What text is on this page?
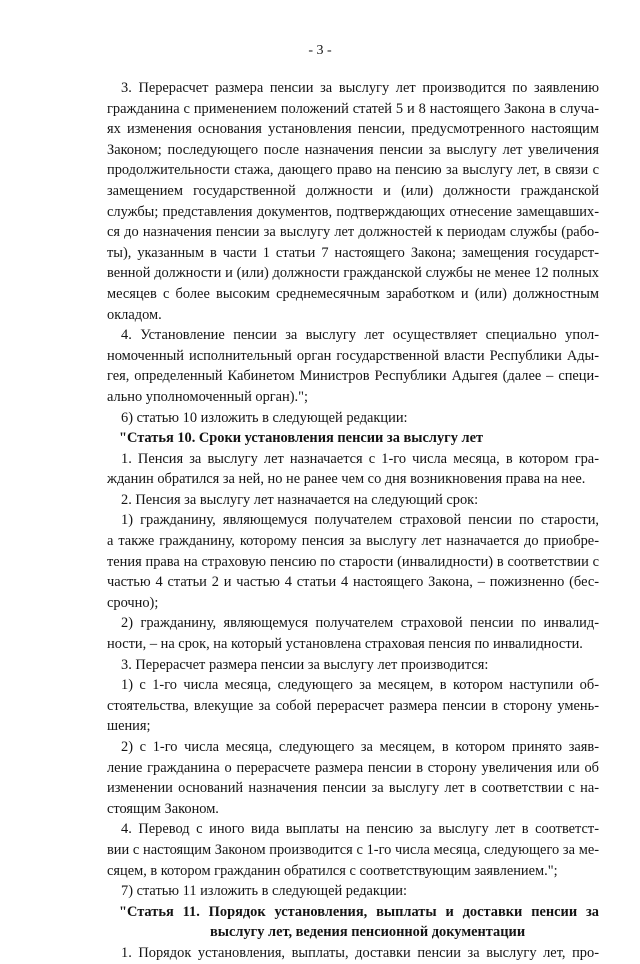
- 3 -
3. Перерасчет размера пенсии за выслугу лет производится по заявлению
гражданина с применением положений статей 5 и 8 настоящего Закона в случа-
ях изменения основания установления пенсии, предусмотренного настоящим
Законом; последующего после назначения пенсии за выслугу лет увеличения
продолжительности стажа, дающего право на пенсию за выслугу лет, в связи с
замещением государственной должности и (или) должности гражданской
службы; представления документов, подтверждающих отнесение замещавших-
ся до назначения пенсии за выслугу лет должностей к периодам службы (рабо-
ты), указанным в части 1 статьи 7 настоящего Закона; замещения государст-
венной должности и (или) должности гражданской службы не менее 12 полных
месяцев с более высоким среднемесячным заработком и (или) должностным
окладом.
4. Установление пенсии за выслугу лет осуществляет специально упол-
номоченный исполнительный орган государственной власти Республики Ады-
гея, определенный Кабинетом Министров Республики Адыгея (далее – специ-
ально уполномоченный орган).";
6) статью 10 изложить в следующей редакции:
"Статья 10. Сроки установления пенсии за выслугу лет
1. Пенсия за выслугу лет назначается с 1-го числа месяца, в котором гра-
жданин обратился за ней, но не ранее чем со дня возникновения права на нее.
2. Пенсия за выслугу лет назначается на следующий срок:
1) гражданину, являющемуся получателем страховой пенсии по старости,
а также гражданину, которому пенсия за выслугу лет назначается до приобре-
тения права на страховую пенсию по старости (инвалидности) в соответствии с
частью 4 статьи 2 и частью 4 статьи 4 настоящего Закона, – пожизненно (бес-
срочно);
2) гражданину, являющемуся получателем страховой пенсии по инвалид-
ности, – на срок, на который установлена страховая пенсия по инвалидности.
3. Перерасчет размера пенсии за выслугу лет производится:
1) с 1-го числа месяца, следующего за месяцем, в котором наступили об-
стоятельства, влекущие за собой перерасчет размера пенсии в сторону умень-
шения;
2) с 1-го числа месяца, следующего за месяцем, в котором принято заяв-
ление гражданина о перерасчете размера пенсии в сторону увеличения или об
изменении оснований назначения пенсии за выслугу лет в соответствии с на-
стоящим Законом.
4. Перевод с иного вида выплаты на пенсию за выслугу лет в соответст-
вии с настоящим Законом производится с 1-го числа месяца, следующего за ме-
сяцем, в котором гражданин обратился с соответствующим заявлением.";
7) статью 11 изложить в следующей редакции:
"Статья 11. Порядок установления, выплаты и доставки пенсии за
выслугу лет, ведения пенсионной документации
1. Порядок установления, выплаты, доставки пенсии за выслугу лет, про-
